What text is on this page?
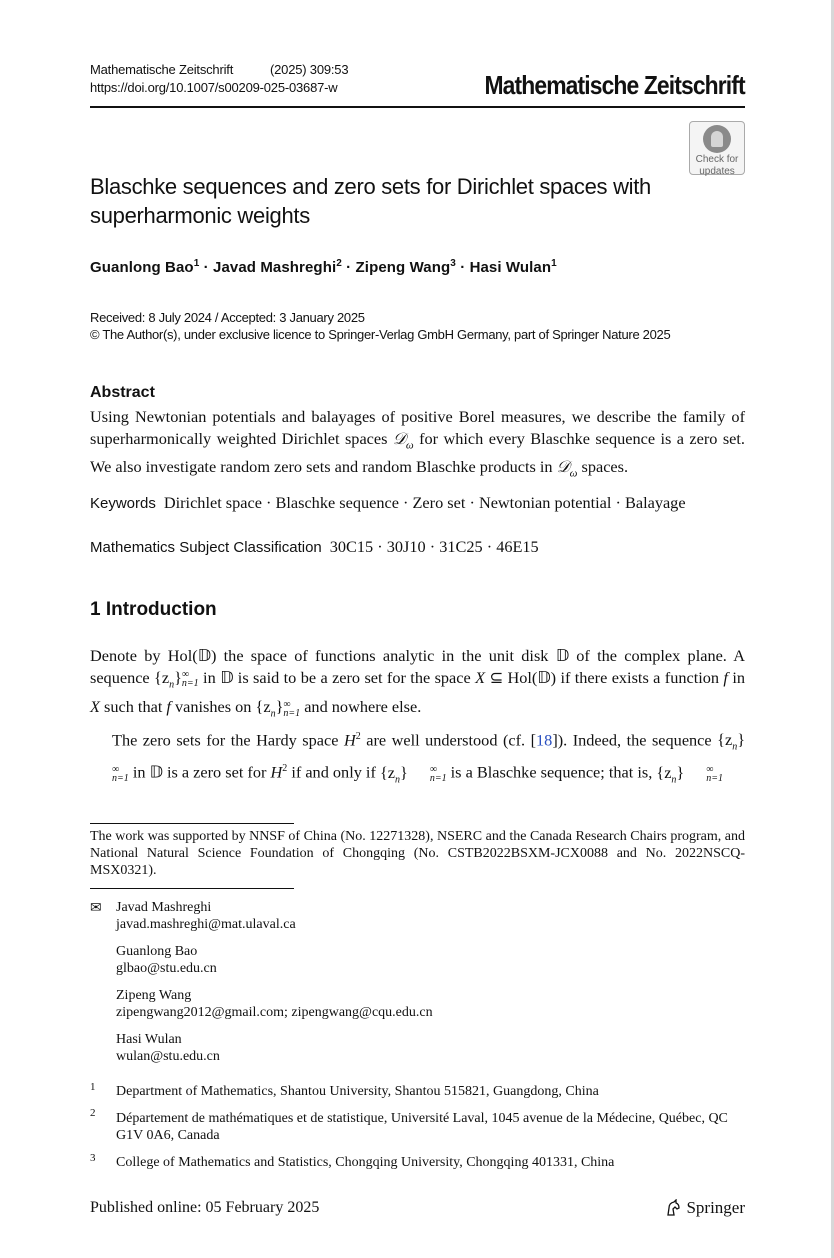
Mathematische Zeitschrift	(2025) 309:53
https://doi.org/10.1007/s00209-025-03687-w	Mathematische Zeitschrift
Check for
updates
Blaschke sequences and zero sets for Dirichlet spaces with superharmonic weights
Guanlong Bao$^1$ · Javad Mashreghi$^2$ · Zipeng Wang$^3$ · Hasi Wulan$^1$
Received: 8 July 2024 / Accepted: 3 January 2025
© The Author(s), under exclusive licence to Springer-Verlag GmbH Germany, part of Springer Nature 2025
Abstract
Using Newtonian potentials and balayages of positive Borel measures, we describe the family of superharmonically weighted Dirichlet spaces 𝒟$_\omega$ for which every Blaschke sequence is a zero set. We also investigate random zero sets and random Blaschke products in 𝒟$_\omega$ spaces.
Keywords Dirichlet space · Blaschke sequence · Zero set · Newtonian potential · Balayage
Mathematics Subject Classification 30C15 · 30J10 · 31C25 · 46E15
1 Introduction

Denote by Hol(𝔻) the space of functions analytic in the unit disk 𝔻 of the complex plane. A sequence $\{z_n\}$ ∞
n=1 in 𝔻 is said to be a zero set for the space X ⊆ Hol(𝔻) if there exists a function f in X such that f vanishes on $\{z_n\}$ ∞
n=1 and nowhere else.

The zero sets for the Hardy space $H^2$ are well understood (cf. [18]). Indeed, the sequence $\{z_n\}$
∞
n=1 in 𝔻 is a zero set for $H^2$ if and only if $\{z_n\}$	∞
n=1 is a Blaschke sequence; that is, $\{z_n\}$	∞
n=1

The work was supported by NNSF of China (No. 12271328), NSERC and the Canada Research Chairs program, and National Natural Science Foundation of Chongqing (No. CSTB2022BSXM-JCX0088 and No. 2022NSCQ-MSX0321).
✉ Javad Mashreghi
javad.mashreghi@mat.ulaval.ca
Guanlong Bao
glbao@stu.edu.cn
Zipeng Wang
zipengwang2012@gmail.com; zipengwang@cqu.edu.cn
Hasi Wulan
wulan@stu.edu.cn
1 Department of Mathematics, Shantou University, Shantou 515821, Guangdong, China
2 Département de mathématiques et de statistique, Université Laval, 1045 avenue de la Médecine, Québec, QC G1V 0A6, Canada
3 College of Mathematics and Statistics, Chongqing University, Chongqing 401331, China
Published online: 05 February 2025	Springer
